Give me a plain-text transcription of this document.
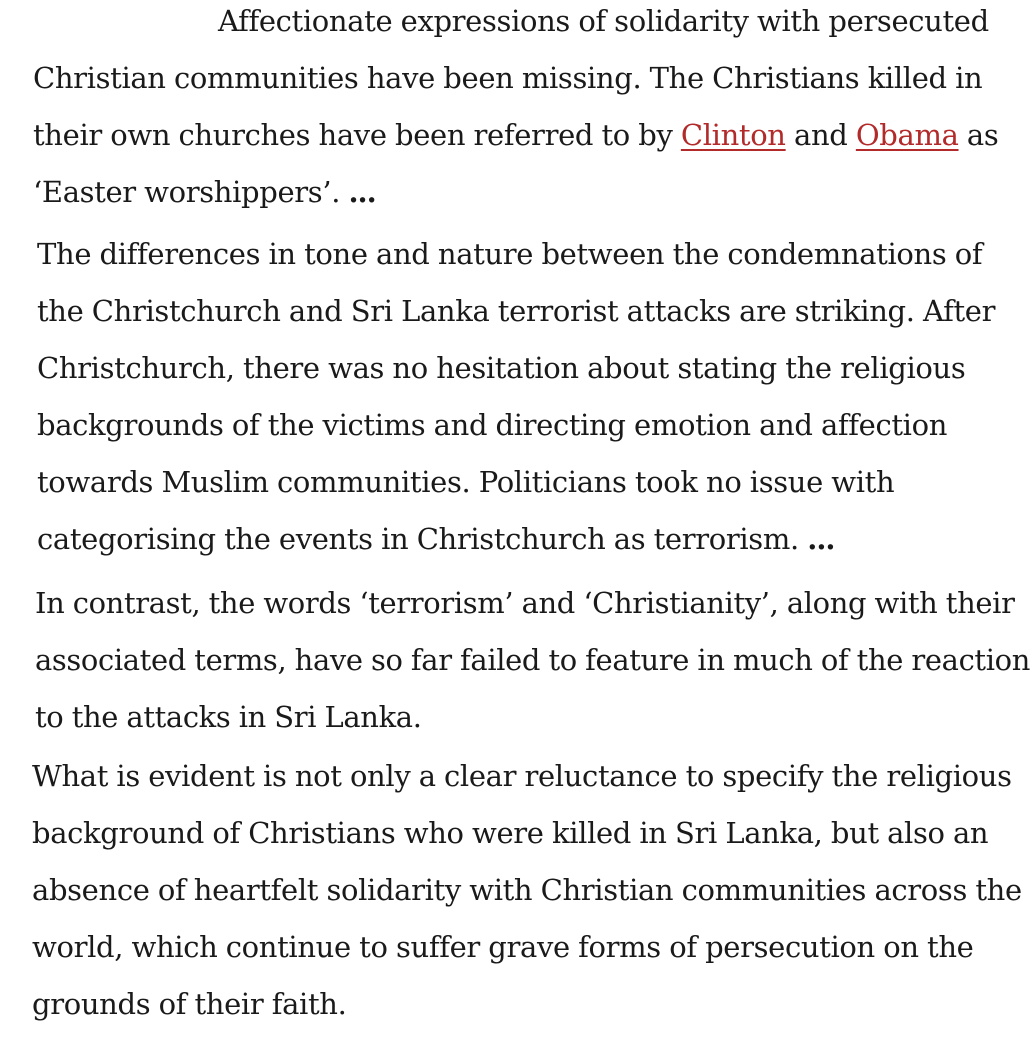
Affectionate expressions of solidarity with persecuted
Christian communities have been missing. The Christians killed in
their own churches have been referred to by Clinton and Obama as
‘Easter worshippers’. ...

The differences in tone and nature between the condemnations of
the Christchurch and Sri Lanka terrorist attacks are striking. After
Christchurch, there was no hesitation about stating the religious
backgrounds of the victims and directing emotion and affection
towards Muslim communities. Politicians took no issue with
categorising the events in Christchurch as terrorism. ...

In contrast, the words ‘terrorism’ and ‘Christianity’, along with their
associated terms, have so far failed to feature in much of the reaction
to the attacks in Sri Lanka.

What is evident is not only a clear reluctance to specify the religious
background of Christians who were killed in Sri Lanka, but also an
absence of heartfelt solidarity with Christian communities across the
world, which continue to suffer grave forms of persecution on the
grounds of their faith.
